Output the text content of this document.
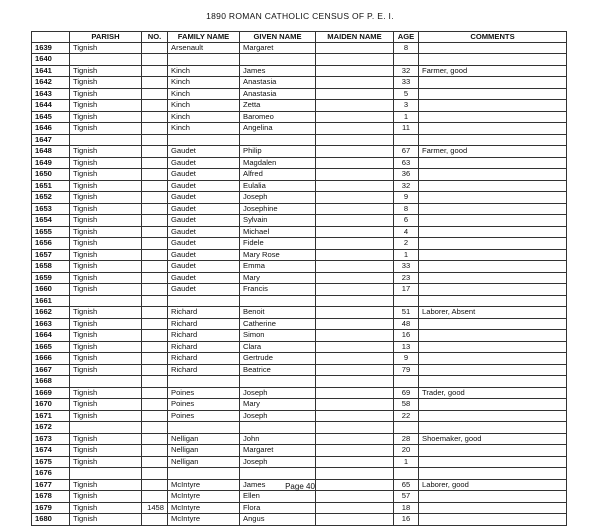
1890 ROMAN CATHOLIC CENSUS OF P. E. I.
	PARISH	NO.	FAMILY NAME	GIVEN NAME	MAIDEN NAME	AGE	COMMENTS
1639	Tignish		Arsenault	Margaret		8	
1640							
1641	Tignish		Kinch	James		32	Farmer, good
1642	Tignish		Kinch	Anastasia		33	
1643	Tignish		Kinch	Anastasia		5	
1644	Tignish		Kinch	Zetta		3	
1645	Tignish		Kinch	Baromeo		1	
1646	Tignish		Kinch	Angelina		11	
1647							
1648	Tignish		Gaudet	Philip		67	Farmer, good
1649	Tignish		Gaudet	Magdalen		63	
1650	Tignish		Gaudet	Alfred		36	
1651	Tignish		Gaudet	Eulalia		32	
1652	Tignish		Gaudet	Joseph		9	
1653	Tignish		Gaudet	Josephine		8	
1654	Tignish		Gaudet	Sylvain		6	
1655	Tignish		Gaudet	Michael		4	
1656	Tignish		Gaudet	Fidele		2	
1657	Tignish		Gaudet	Mary Rose		1	
1658	Tignish		Gaudet	Emma		33	
1659	Tignish		Gaudet	Mary		23	
1660	Tignish		Gaudet	Francis		17	
1661							
1662	Tignish		Richard	Benoit		51	Laborer, Absent
1663	Tignish		Richard	Catherine		48	
1664	Tignish		Richard	Simon		16	
1665	Tignish		Richard	Clara		13	
1666	Tignish		Richard	Gertrude		9	
1667	Tignish		Richard	Beatrice		79	
1668							
1669	Tignish		Poines	Joseph		69	Trader, good
1670	Tignish		Poines	Mary		58	
1671	Tignish		Poines	Joseph		22	
1672							
1673	Tignish		Nelligan	John		28	Shoemaker, good
1674	Tignish		Nelligan	Margaret		20	
1675	Tignish		Nelligan	Joseph		1	
1676							
1677	Tignish		McIntyre	James		65	Laborer, good
1678	Tignish		McIntyre	Ellen		57	
1679	Tignish	1458	McIntyre	Flora		18	
1680	Tignish		McIntyre	Angus		16	
Page 40
